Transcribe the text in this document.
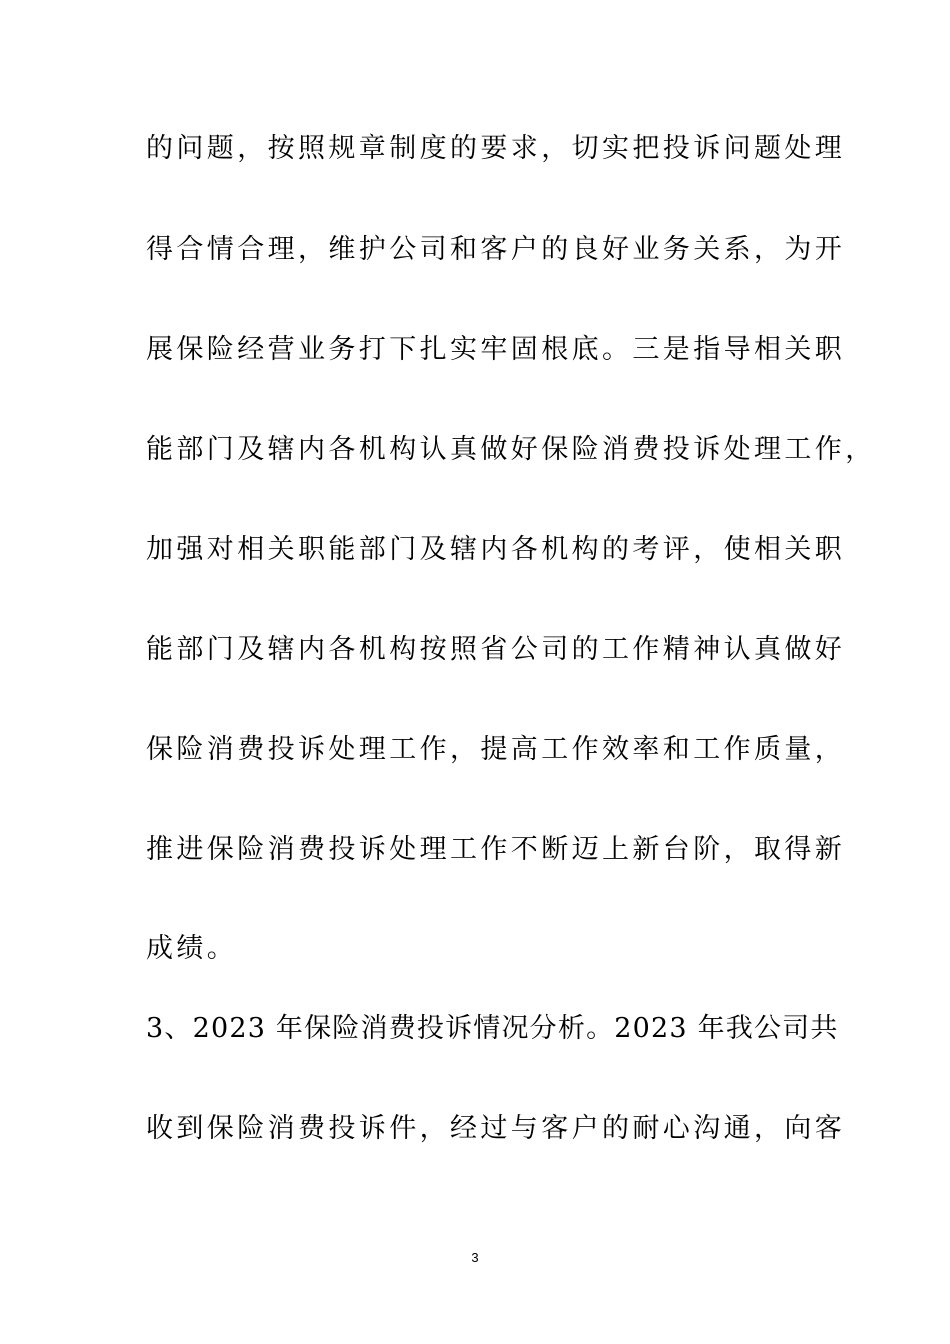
的问题，按照规章制度的要求，切实把投诉问题处理
得合情合理，维护公司和客户的良好业务关系，为开
展保险经营业务打下扎实牢固根底。三是指导相关职
能部门及辖内各机构认真做好保险消费投诉处理工作，
加强对相关职能部门及辖内各机构的考评，使相关职
能部门及辖内各机构按照省公司的工作精神认真做好
保险消费投诉处理工作，提高工作效率和工作质量，
推进保险消费投诉处理工作不断迈上新台阶，取得新
成绩。
3、2023 年保险消费投诉情况分析。2023 年我公司共
收到保险消费投诉件，经过与客户的耐心沟通，向客
3
